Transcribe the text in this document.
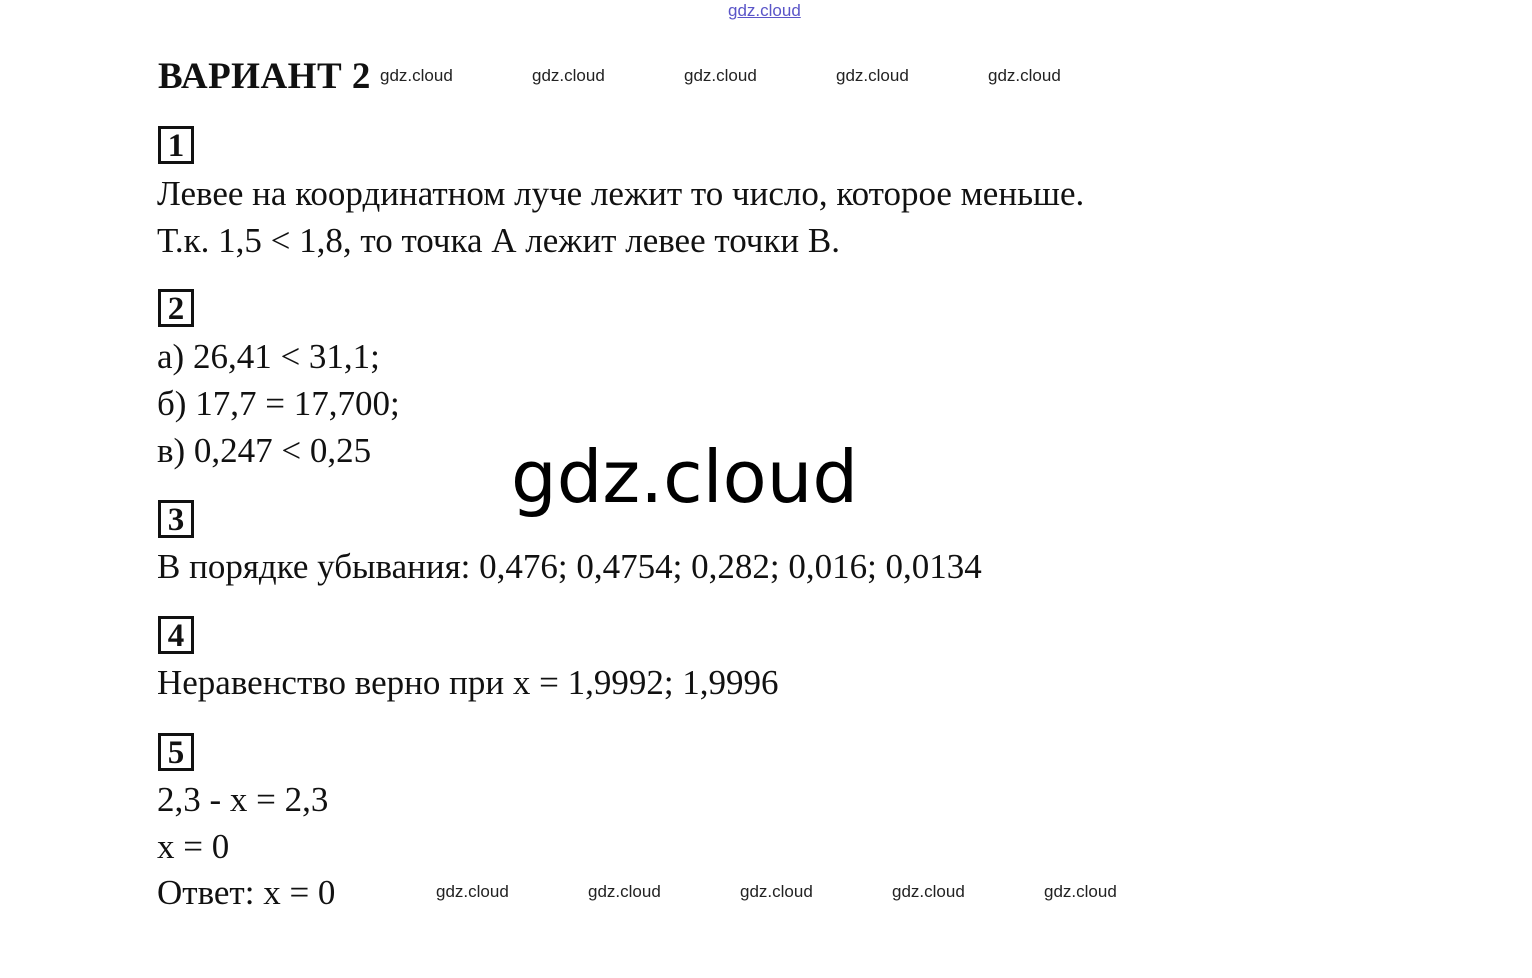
gdz.cloud
ВАРИАНТ 2 gdz.cloud	gdz.cloud	gdz.cloud	gdz.cloud	gdz.cloud
1
Левее на координатном луче лежит то число, которое меньше.
Т.к. 1,5 < 1,8, то точка А лежит левее точки В.
2
а) 26,41 < 31,1;
б) 17,7 = 17,700;
в) 0,247 < 0,25 gdz.cloud
3
В порядке убывания: 0,476; 0,4754; 0,282; 0,016; 0,0134
4
Неравенство верно при x = 1,9992; 1,9996
5
2,3 - x = 2,3
x = 0
Ответ: x = 0	gdz.cloud	gdz.cloud	gdz.cloud	gdz.cloud	gdz.cloud
